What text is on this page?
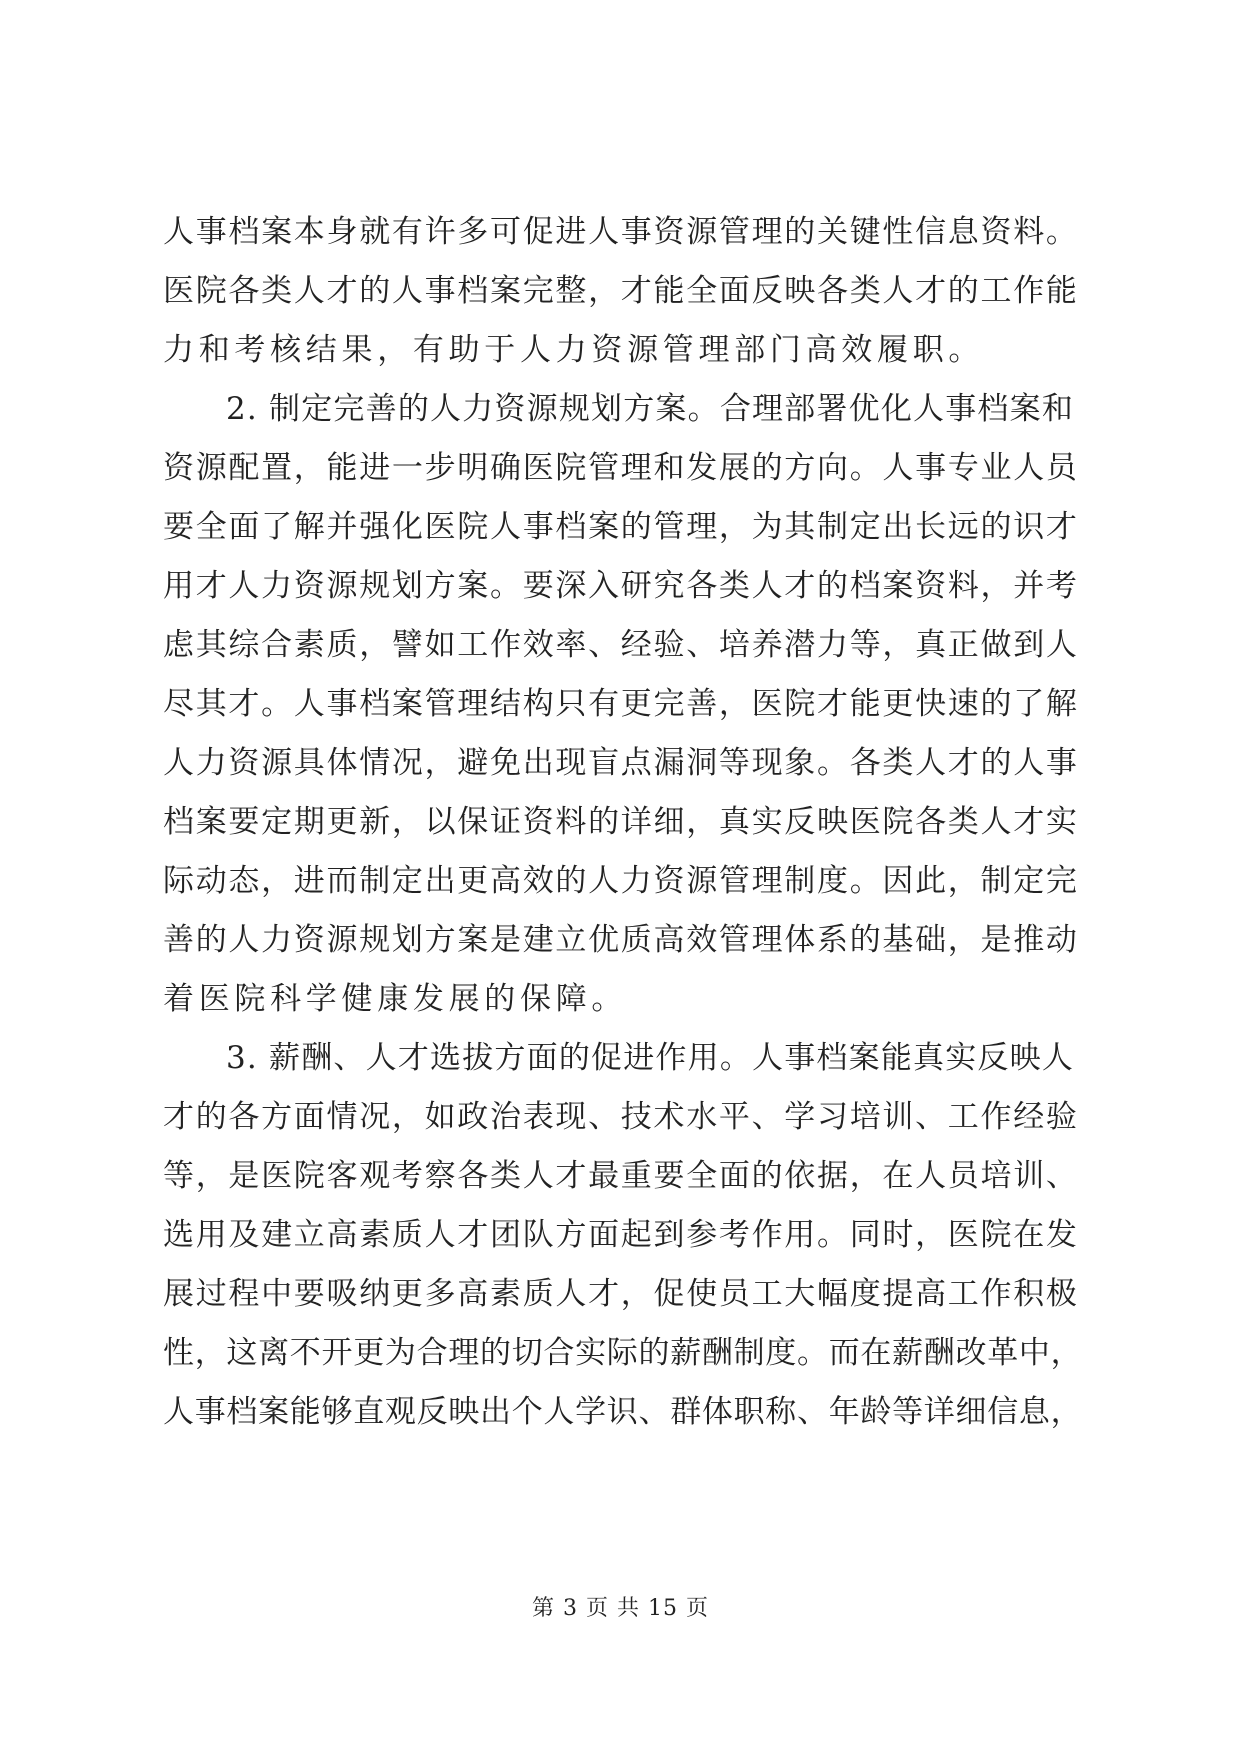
人事档案本身就有许多可促进人事资源管理的关键性信息资料。
医院各类人才的人事档案完整，才能全面反映各类人才的工作能
力和考核结果，有助于人力资源管理部门高效履职。
2. 制定完善的人力资源规划方案。合理部署优化人事档案和
资源配置，能进一步明确医院管理和发展的方向。人事专业人员
要全面了解并强化医院人事档案的管理，为其制定出长远的识才
用才人力资源规划方案。要深入研究各类人才的档案资料，并考
虑其综合素质，譬如工作效率、经验、培养潜力等，真正做到人
尽其才。人事档案管理结构只有更完善，医院才能更快速的了解
人力资源具体情况，避免出现盲点漏洞等现象。各类人才的人事
档案要定期更新，以保证资料的详细，真实反映医院各类人才实
际动态，进而制定出更高效的人力资源管理制度。因此，制定完
善的人力资源规划方案是建立优质高效管理体系的基础，是推动
着医院科学健康发展的保障。
3. 薪酬、人才选拔方面的促进作用。人事档案能真实反映人
才的各方面情况，如政治表现、技术水平、学习培训、工作经验
等，是医院客观考察各类人才最重要全面的依据，在人员培训、
选用及建立高素质人才团队方面起到参考作用。同时，医院在发
展过程中要吸纳更多高素质人才，促使员工大幅度提高工作积极
性，这离不开更为合理的切合实际的薪酬制度。而在薪酬改革中，
人事档案能够直观反映出个人学识、群体职称、年龄等详细信息，
第 3 页 共 15 页
